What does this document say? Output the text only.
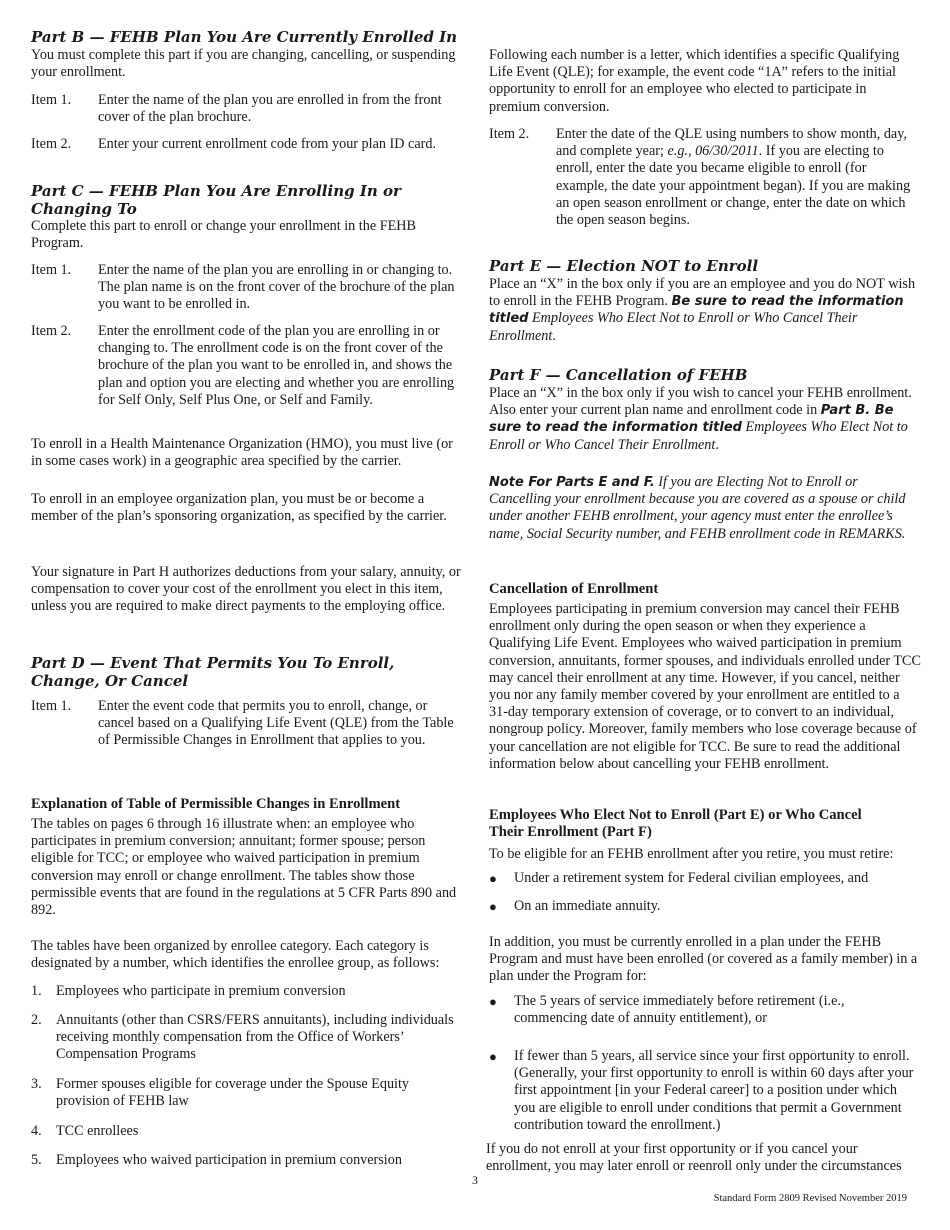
Part B — FEHB Plan You Are Currently Enrolled In

You must complete this part if you are changing, cancelling, or suspending your enrollment.

Item 1. Enter the name of the plan you are enrolled in from the front cover of the plan brochure.
Item 2. Enter your current enrollment code from your plan ID card.
Part C — FEHB Plan You Are Enrolling In or Changing To

Complete this part to enroll or change your enrollment in the FEHB Program.

Item 1. Enter the name of the plan you are enrolling in or changing to. The plan name is on the front cover of the brochure of the plan you want to be enrolled in.
Item 2. Enter the enrollment code of the plan you are enrolling in or changing to. The enrollment code is on the front cover of the brochure of the plan you want to be enrolled in, and shows the plan and option you are electing and whether you are enrolling for Self Only, Self Plus One, or Self and Family.

To enroll in a Health Maintenance Organization (HMO), you must live (or in some cases work) in a geographic area specified by the carrier.

To enroll in an employee organization plan, you must be or become a member of the plan’s sponsoring organization, as specified by the carrier.

Your signature in Part H authorizes deductions from your salary, annuity, or compensation to cover your cost of the enrollment you elect in this item, unless you are required to make direct payments to the employing office.

Part D — Event That Permits You To Enroll, Change, Or Cancel
Item 1. Enter the event code that permits you to enroll, change, or cancel based on a Qualifying Life Event (QLE) from the Table of Permissible Changes in Enrollment that applies to you.
Explanation of Table of Permissible Changes in Enrollment

The tables on pages 6 through 16 illustrate when: an employee who participates in premium conversion; annuitant; former spouse; person eligible for TCC; or employee who waived participation in premium conversion may enroll or change enrollment. The tables show those permissible events that are found in the regulations at 5 CFR Parts 890 and 892.

The tables have been organized by enrollee category. Each category is designated by a number, which identifies the enrollee group, as follows:

1.	Employees who participate in premium conversion
2.	Annuitants (other than CSRS/FERS annuitants), including individuals receiving monthly compensation from the Office of Workers’ Compensation Programs
3.	Former spouses eligible for coverage under the Spouse Equity provision of FEHB law
4.	TCC enrollees
5.	Employees who waived participation in premium conversion

Following each number is a letter, which identifies a specific Qualifying Life Event (QLE); for example, the event code “1A” refers to the initial opportunity to enroll for an employee who elected to participate in premium conversion.

Item 2. Enter the date of the QLE using numbers to show month, day, and complete year; e.g., 06/30/2011. If you are electing to enroll, enter the date you became eligible to enroll (for example, the date your appointment began). If you are making an open season enrollment or change, enter the date on which the open season begins.
Part E — Election NOT to Enroll

Place an “X” in the box only if you are an employee and you do NOT wish to enroll in the FEHB Program. Be sure to read the information titled Employees Who Elect Not to Enroll or Who Cancel Their Enrollment.

Part F — Cancellation of FEHB

Place an “X” in the box only if you wish to cancel your FEHB enrollment. Also enter your current plan name and enrollment code in Part B. Be sure to read the information titled Employees Who Elect Not to Enroll or Who Cancel Their Enrollment.

Note For Parts E and F. If you are Electing Not to Enroll or Cancelling your enrollment because you are covered as a spouse or child under another FEHB enrollment, your agency must enter the enrollee’s name, Social Security number, and FEHB enrollment code in REMARKS.

Cancellation of Enrollment

Employees participating in premium conversion may cancel their FEHB enrollment only during the open season or when they experience a Qualifying Life Event. Employees who waived participation in premium conversion, annuitants, former spouses, and individuals enrolled under TCC may cancel their enrollment at any time. However, if you cancel, neither you nor any family member covered by your enrollment are entitled to a 31-day temporary extension of coverage, or to convert to an individual, nongroup policy. Moreover, family members who lose coverage because of your cancellation are not eligible for TCC. Be sure to read the additional information below about cancelling your FEHB enrollment.

Employees Who Elect Not to Enroll (Part E) or Who Cancel Their Enrollment (Part F)

To be eligible for an FEHB enrollment after you retire, you must retire:

● Under a retirement system for Federal civilian employees, and
● On an immediate annuity.

In addition, you must be currently enrolled in a plan under the FEHB Program and must have been enrolled (or covered as a family member) in a plan under the Program for:

● The 5 years of service immediately before retirement (i.e., commencing date of annuity entitlement), or
● If fewer than 5 years, all service since your first opportunity to enroll. (Generally, your first opportunity to enroll is within 60 days after your first appointment [in your Federal career] to a position under which you are eligible to enroll under conditions that permit a Government contribution toward the enrollment.)

If you do not enroll at your first opportunity or if you cancel your enrollment, you may later enroll or reenroll only under the circumstances

3
Standard Form 2809 Revised November 2019
